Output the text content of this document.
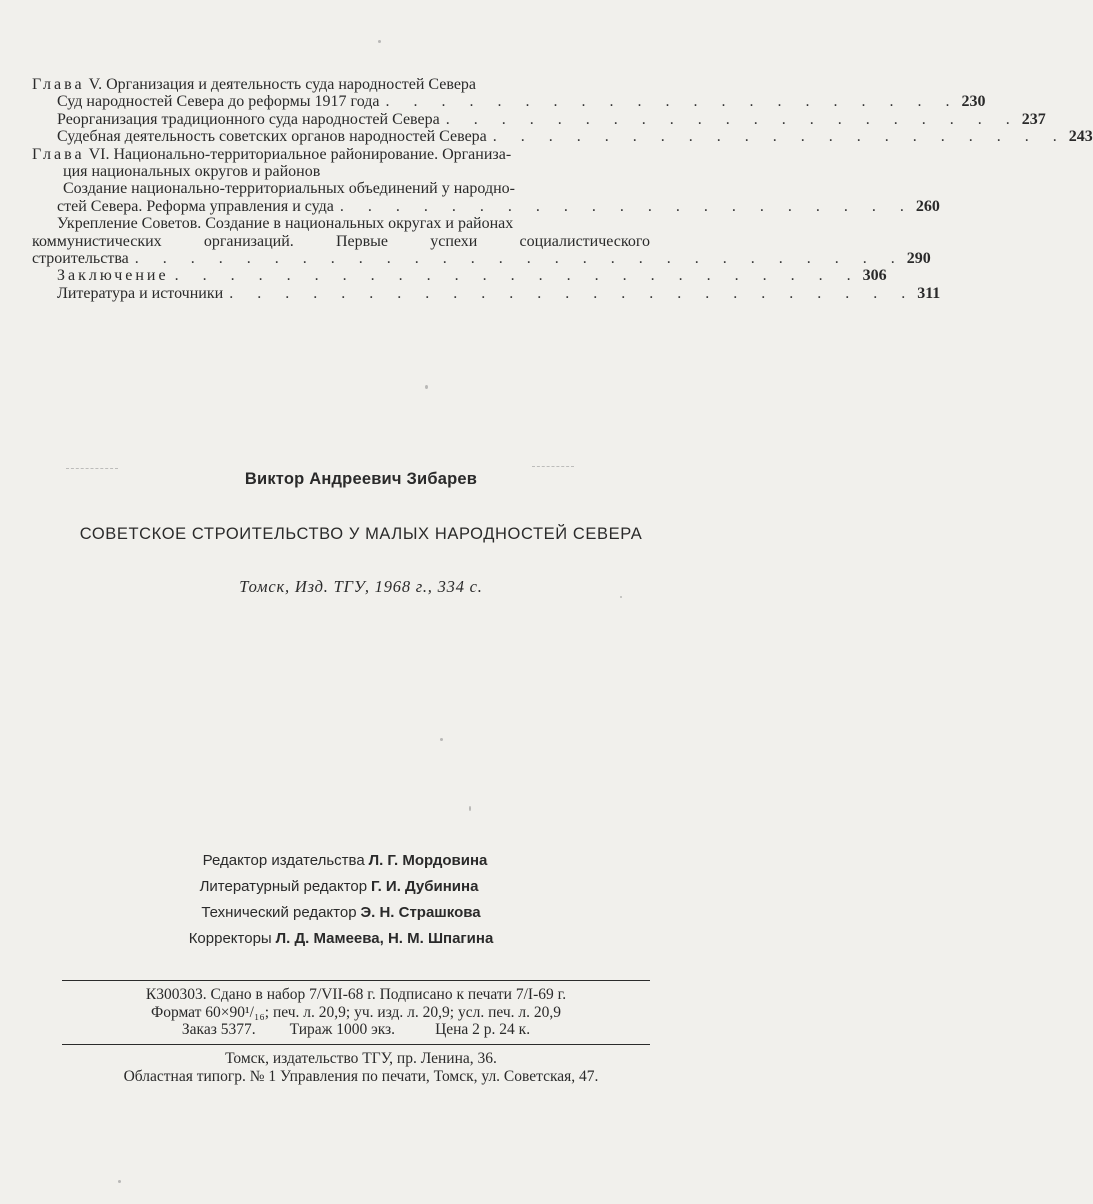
Глава V. Организация и деятельность суда народностей Севера
Суд народностей Севера до реформы 1917 года . . . . . . . . . . . . . . . . . . . . . 230
Реорганизация традиционного суда народностей Севера . . . . . . . . . . . . . . . . . . . . . 237
Судебная деятельность советских органов народностей Севера . . . . . . . . . . . . . . . . . . . . . 243
Глава VI. Национально-территориальное районирование. Организа-
ция национальных округов и районов
Создание национально-территориальных объединений у народно-
стей Севера. Реформа управления и суда . . . . . . . . . . . . . . . . . . . . . 260
Укрепление Советов. Создание в национальных округах и районах
коммунистических организаций. Первые успехи социалистического
строительства . . . . . . . . . . . . . . . . . . . . . . . . . . . . 290
Заключение . . . . . . . . . . . . . . . . . . . . . . . . . 306
Литература и источники . . . . . . . . . . . . . . . . . . . . . . . . . 311
Виктор Андреевич Зибарев
СОВЕТСКОЕ СТРОИТЕЛЬСТВО У МАЛЫХ НАРОДНОСТЕЙ СЕВЕРА
Томск, Изд. ТГУ, 1968 г., 334 с.
Редактор издательства Л. Г. Мордовина
Литературный редактор Г. И. Дубинина
Технический редактор Э. Н. Страшкова
Корректоры Л. Д. Мамеева, Н. М. Шпагина
К300303. Сдано в набор 7/VII-68 г. Подписано к печати 7/I-69 г.
Формат 60×90¹/₁₆; печ. л. 20,9; уч. изд. л. 20,9; усл. печ. л. 20,9
Заказ 5377. Тираж 1000 экз.	Цена 2 р. 24 к.
Томск, издательство ТГУ, пр. Ленина, 36.
Областная типогр. № 1 Управления по печати, Томск, ул. Советская, 47.
